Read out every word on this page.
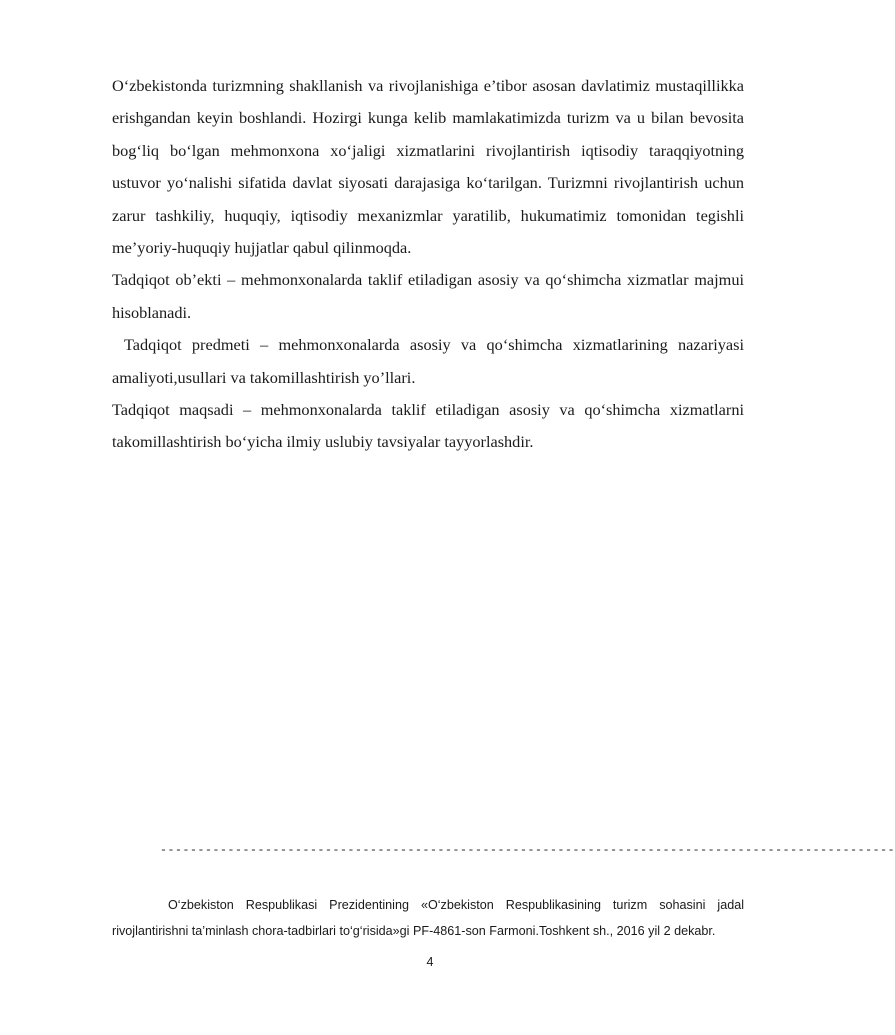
O‘zbekistonda turizmning shakllanish va rivojlanishiga e’tibor asosan davlatimiz mustaqillikka erishgandan keyin boshlandi. Hozirgi kunga kelib mamlakatimizda turizm va u bilan bevosita bog‘liq bo‘lgan mehmonxona xo‘jaligi xizmatlarini rivojlantirish iqtisodiy taraqqiyotning ustuvor yo‘nalishi sifatida davlat siyosati darajasiga ko‘tarilgan. Turizmni rivojlantirish uchun zarur tashkiliy, huquqiy, iqtisodiy mexanizmlar yaratilib, hukumatimiz tomonidan tegishli me’yoriy-huquqiy hujjatlar qabul qilinmoqda.

Tadqiqot ob’ekti – mehmonxonalarda taklif etiladigan asosiy va qo‘shimcha xizmatlar majmui hisoblanadi.

Tadqiqot predmeti – mehmonxonalarda asosiy va qo‘shimcha xizmatlarining nazariyasi amaliyoti,usullari va takomillashtirish yo’llari.

Tadqiqot maqsadi – mehmonxonalarda taklif etiladigan asosiy va qo‘shimcha xizmatlarni takomillashtirish bo‘yicha ilmiy uslubiy tavsiyalar tayyorlashdir.

--------------------------------------------------------------------------------------------------

O‘zbekiston Respublikasi Prezidentining «O‘zbekiston Respublikasining turizm sohasini jadal rivojlantirishni ta’minlash chora-tadbirlari to‘g‘risida»gi PF-4861-son Farmoni.Toshkent sh., 2016 yil 2 dekabr.

4
